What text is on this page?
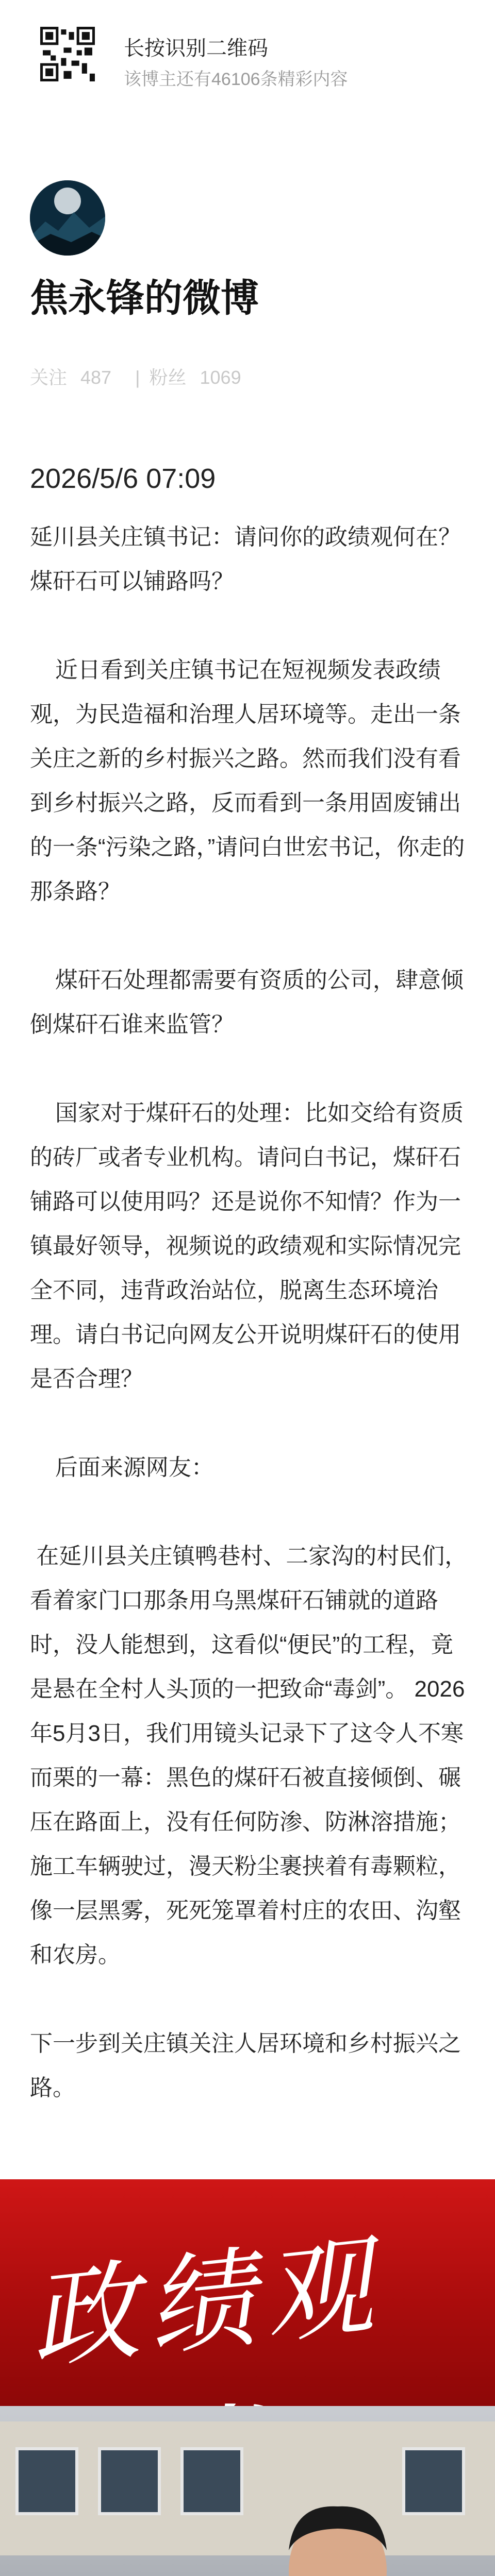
长按识别二维码
该博主还有46106条精彩内容
焦永锋的微博
关注 487 | 粉丝 1069
2026/5/6 07:09

延川县关庄镇书记：请问你的政绩观何在？煤矸石可以铺路吗？

近日看到关庄镇书记在短视频发表政绩观，为民造福和治理人居环境等。走出一条关庄之新的乡村振兴之路。然而我们没有看到乡村振兴之路，反而看到一条用固废铺出的一条“污染之路，”请问白世宏书记，你走的那条路？

煤矸石处理都需要有资质的公司，肆意倾倒煤矸石谁来监管？

国家对于煤矸石的处理：比如交给有资质的砖厂或者专业机构。请问白书记，煤矸石铺路可以使用吗？还是说你不知情？作为一镇最好领导，视频说的政绩观和实际情况完全不同，违背政治站位，脱离生态环境治理。请白书记向网友公开说明煤矸石的使用是否合理？

后面来源网友：

在延川县关庄镇鸭巷村、二家沟的村民们，看着家门口那条用乌黑煤矸石铺就的道路时，没人能想到，这看似“便民”的工程，竟是悬在全村人头顶的一把致命“毒剑”。 2026年5月3日，我们用镜头记录下了这令人不寒而栗的一幕：黑色的煤矸石被直接倾倒、碾压在路面上，没有任何防渗、防淋溶措施；施工车辆驶过，漫天粉尘裹挟着有毒颗粒，像一层黑雾，死死笼罩着村庄的农田、沟壑和农房。

下一步到关庄镇关注人居环境和乡村振兴之路。

政绩观读书
